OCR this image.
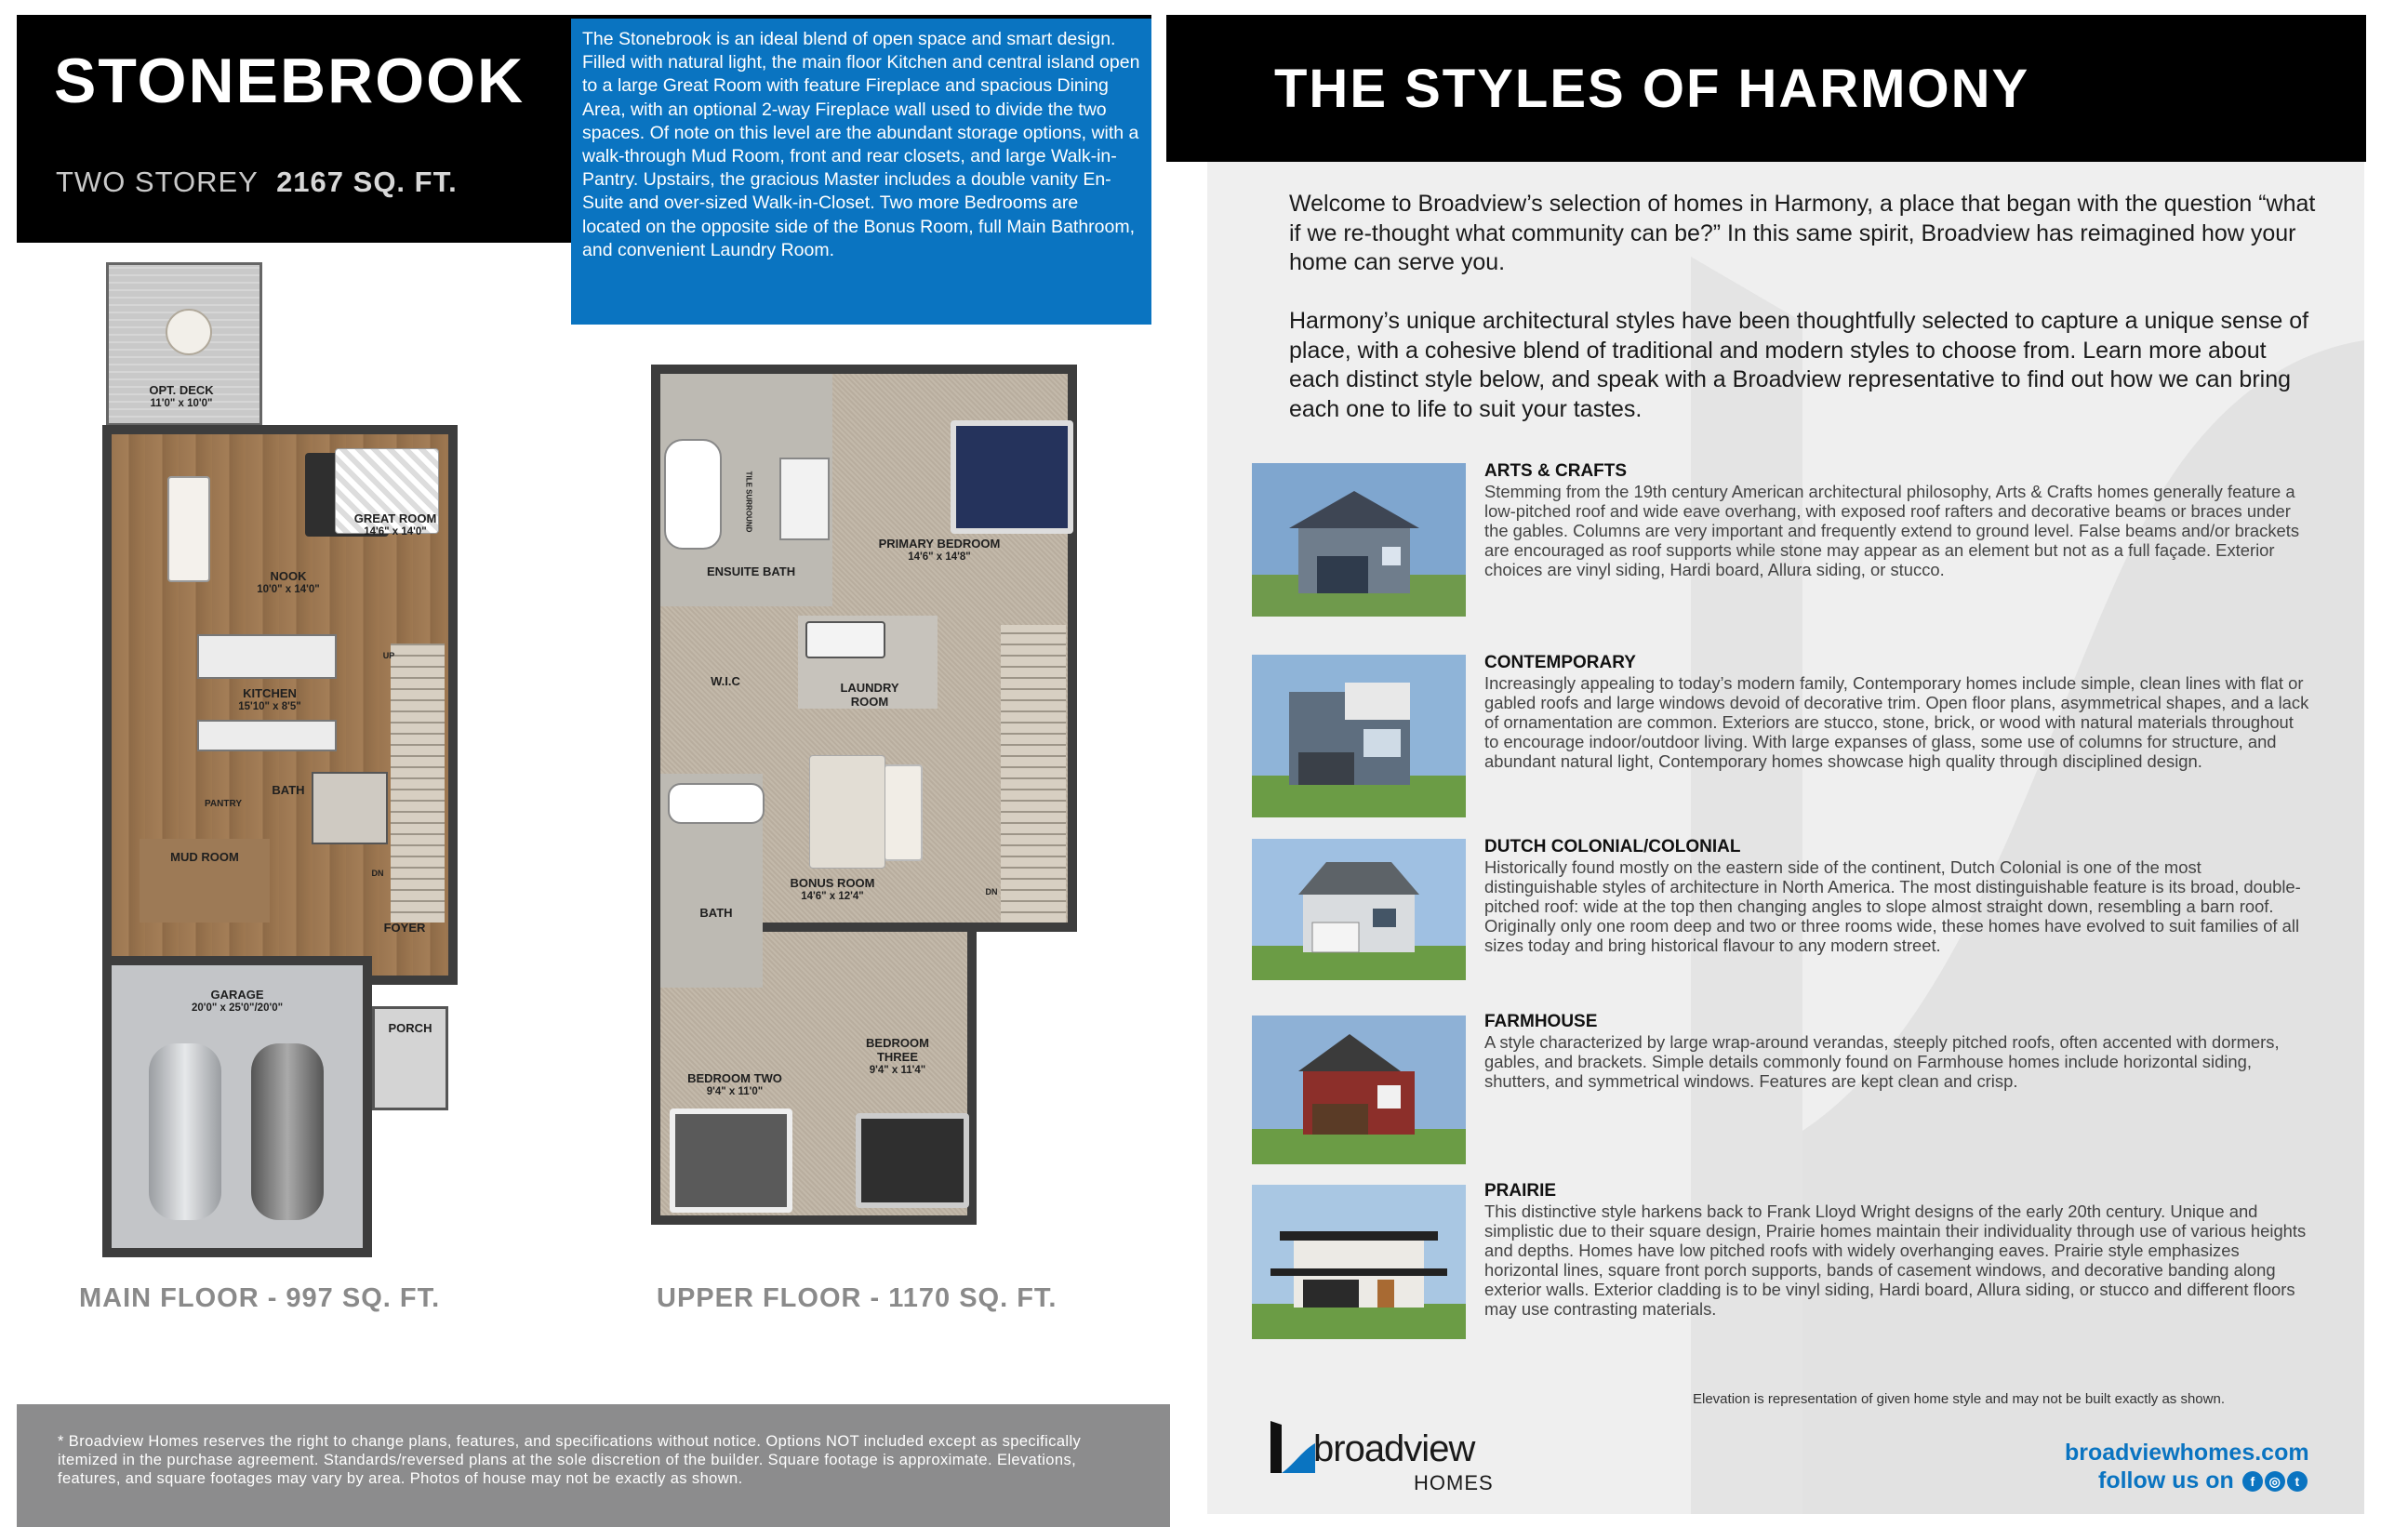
STONEBROOK
TWO STOREY 2167 SQ. FT.
The Stonebrook is an ideal blend of open space and smart design. Filled with natural light, the main floor Kitchen and central island open to a large Great Room with feature Fireplace and spacious Dining Area, with an optional 2-way Fireplace wall used to divide the two spaces. Of note on this level are the abundant storage options, with a walk-through Mud Room, front and rear closets, and large Walk-in-Pantry. Upstairs, the gracious Master includes a double vanity En-Suite and over-sized Walk-in-Closet. Two more Bedrooms are located on the opposite side of the Bonus Room, full Main Bathroom, and convenient Laundry Room.
OPT. DECK
11'0" x 10'0"
GREAT ROOM
14'6" x 14'0"
NOOK
10'0" x 14'0"
KITCHEN
15'10" x 8'5"
PANTRY
BATH
MUD ROOM
FOYER
UP
DN
GARAGE
20'0" x 25'0"/20'0"
PORCH
ENSUITE BATH
TILE SURROUND
PRIMARY BEDROOM
14'6" x 14'8"
W.I.C	LAUNDRY ROOM
BONUS ROOM
14'6" x 12'4"
BATH
BEDROOM TWO
9'4" x 11'0"
BEDROOM THREE
9'4" x 11'4"
DN
MAIN FLOOR - 997 SQ. FT.	UPPER FLOOR - 1170 SQ. FT.
* Broadview Homes reserves the right to change plans, features, and specifications without notice. Options NOT included except as specifically itemized in the purchase agreement. Standards/reversed plans at the sole discretion of the builder. Square footage is approximate. Elevations, features, and square footages may vary by area. Photos of house may not be exactly as shown.
THE STYLES OF HARMONY
Welcome to Broadview’s selection of homes in Harmony, a place that began with the question “what if we re-thought what community can be?” In this same spirit, Broadview has reimagined how your home can serve you.
Harmony’s unique architectural styles have been thoughtfully selected to capture a unique sense of place, with a cohesive blend of traditional and modern styles to choose from. Learn more about each distinct style below, and speak with a Broadview representative to find out how we can bring each one to life to suit your tastes.
ARTS & CRAFTS
Stemming from the 19th century American architectural philosophy, Arts & Crafts homes generally feature a low-pitched roof and wide eave overhang, with exposed roof rafters and decorative beams or braces under the gables. Columns are very important and frequently extend to ground level. False beams and/or brackets are encouraged as roof supports while stone may appear as an element but not as a full façade. Exterior choices are vinyl siding, Hardi board, Allura siding, or stucco.
CONTEMPORARY
Increasingly appealing to today’s modern family, Contemporary homes include simple, clean lines with flat or gabled roofs and large windows devoid of decorative trim. Open floor plans, asymmetrical shapes, and a lack of ornamentation are common. Exteriors are stucco, stone, brick, or wood with natural materials throughout to encourage indoor/outdoor living. With large expanses of glass, some use of columns for structure, and abundant natural light, Contemporary homes showcase high quality through disciplined design.
DUTCH COLONIAL/COLONIAL
Historically found mostly on the eastern side of the continent, Dutch Colonial is one of the most distinguishable styles of architecture in North America. The most distinguishable feature is its broad, double-pitched roof: wide at the top then changing angles to slope almost straight down, resembling a barn roof. Originally only one room deep and two or three rooms wide, these homes have evolved to suit families of all sizes today and bring historical flavour to any modern street.
FARMHOUSE
A style characterized by large wrap-around verandas, steeply pitched roofs, often accented with dormers, gables, and brackets. Simple details commonly found on Farmhouse homes include horizontal siding, shutters, and symmetrical windows. Features are kept clean and crisp.
PRAIRIE
This distinctive style harkens back to Frank Lloyd Wright designs of the early 20th century. Unique and simplistic due to their square design, Prairie homes maintain their individuality through use of various heights and depths. Homes have low pitched roofs with widely overhanging eaves. Prairie style emphasizes horizontal lines, square front porch supports, bands of casement windows, and decorative banding along exterior walls. Exterior cladding is to be vinyl siding, Hardi board, Allura siding, or stucco and different floors may use contrasting materials.
Elevation is representation of given home style and may not be built exactly as shown.
broadview
HOMES
broadviewhomes.com
follow us on f ◎ t
